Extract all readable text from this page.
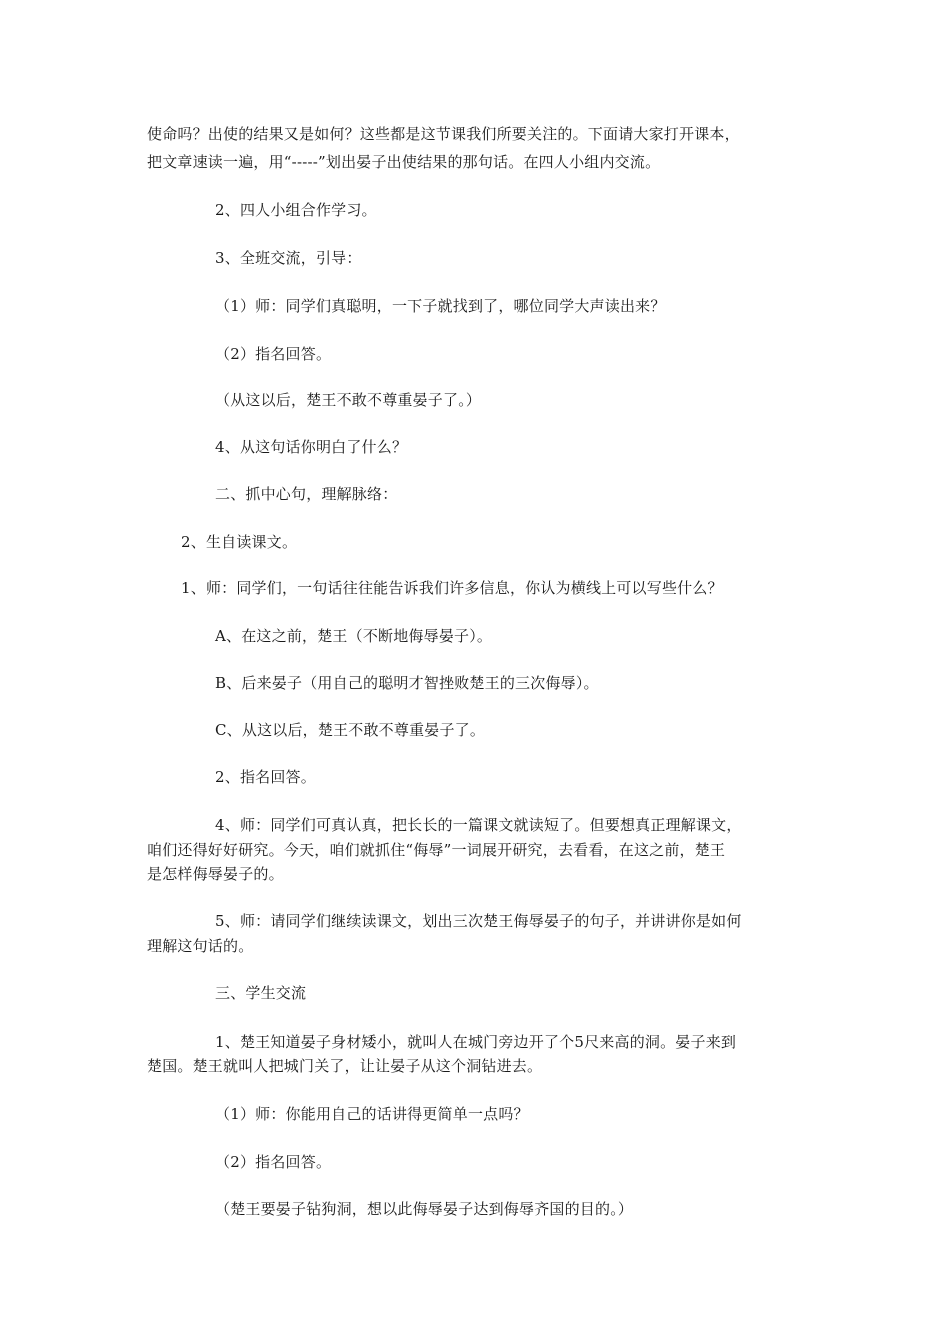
使命吗？出使的结果又是如何？这些都是这节课我们所要关注的。下面请大家打开课本，
把文章速读一遍，用“-----”划出晏子出使结果的那句话。在四人小组内交流。
2、四人小组合作学习。
3、全班交流，引导：
（1）师：同学们真聪明，一下子就找到了，哪位同学大声读出来？
（2）指名回答。
（从这以后，楚王不敢不尊重晏子了。）
4、从这句话你明白了什么？
二、抓中心句，理解脉络：
2、生自读课文。
1、师：同学们，一句话往往能告诉我们许多信息，你认为横线上可以写些什么？
A、在这之前，楚王（不断地侮辱晏子）。
B、后来晏子（用自己的聪明才智挫败楚王的三次侮辱）。
C、从这以后，楚王不敢不尊重晏子了。
2、指名回答。
4、师：同学们可真认真，把长长的一篇课文就读短了。但要想真正理解课文，
咱们还得好好研究。今天，咱们就抓住“侮辱”一词展开研究，去看看，在这之前，楚王
是怎样侮辱晏子的。
5、师：请同学们继续读课文，划出三次楚王侮辱晏子的句子，并讲讲你是如何
理解这句话的。
三、学生交流
1、楚王知道晏子身材矮小，就叫人在城门旁边开了个5尺来高的洞。晏子来到
楚国。楚王就叫人把城门关了，让让晏子从这个洞钻进去。
（1）师：你能用自己的话讲得更简单一点吗？
（2）指名回答。
（楚王要晏子钻狗洞，想以此侮辱晏子达到侮辱齐国的目的。）
